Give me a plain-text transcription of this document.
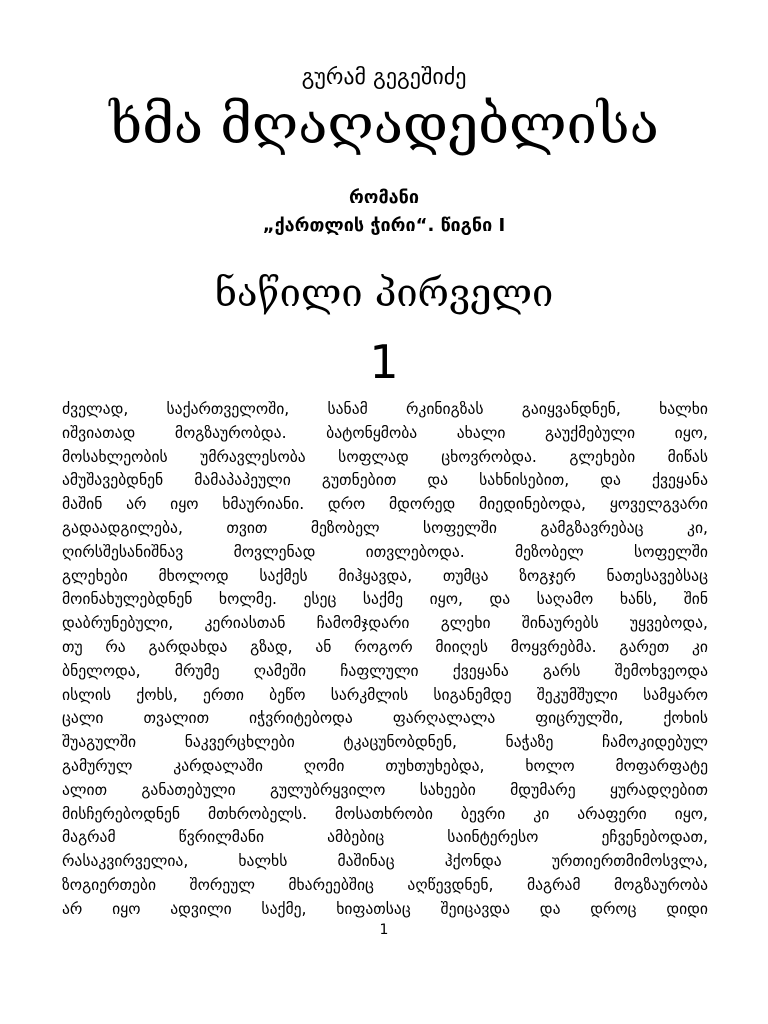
გურამ გეგეშიძე
ხმა მღაღადებლისა
რომანი
„ქართლის ჭირი“. წიგნი I
ნაწილი პირველი
1
ძველად, საქართველოში, სანამ რკინიგზას გაიყვანდნენ, ხალხი
იშვიათად მოგზაურობდა. ბატონყმობა ახალი გაუქმებული იყო,
მოსახლეობის უმრავლესობა სოფლად ცხოვრობდა. გლეხები მიწას
ამუშავებდნენ მამაპაპეული გუთნებით და სახნისებით, და ქვეყანა
მაშინ არ იყო ხმაურიანი. დრო მდორედ მიედინებოდა, ყოველგვარი
გადაადგილება, თვით მეზობელ სოფელში გამგზავრებაც კი,
ღირსშესანიშნავ მოვლენად ითვლებოდა. მეზობელ სოფელში
გლეხები მხოლოდ საქმეს მიჰყავდა, თუმცა ზოგჯერ ნათესავებსაც
მოინახულებდნენ ხოლმე. ესეც საქმე იყო, და საღამო ხანს, შინ
დაბრუნებული, კერიასთან ჩამომჯდარი გლეხი შინაურებს უყვებოდა,
თუ რა გარდახდა გზად, ან როგორ მიიღეს მოყვრებმა. გარეთ კი
ბნელოდა, მრუმე ღამეში ჩაფლული ქვეყანა გარს შემოხვეოდა
ისლის ქოხს, ერთი ბეწო სარკმლის სიგანემდე შეკუმშული სამყარო
ცალი თვალით იჭვრიტებოდა ფარღალალა ფიცრულში, ქოხის
შუაგულში ნაკვერცხლები ტკაცუნობდნენ, ნაჭაზე ჩამოკიდებულ
გამურულ კარდალაში ღომი თუხთუხებდა, ხოლო მოფარფატე
ალით განათებული გულუბრყვილო სახეები მდუმარე ყურადღებით
მისჩერებოდნენ მთხრობელს. მოსათხრობი ბევრი კი არაფერი იყო,
მაგრამ წვრილმანი ამბებიც საინტერესო ეჩვენებოდათ,
რასაკვირველია, ხალხს მაშინაც ჰქონდა ურთიერთმიმოსვლა,
ზოგიერთები შორეულ მხარეებშიც აღწევდნენ, მაგრამ მოგზაურობა
არ იყო ადვილი საქმე, ხიფათსაც შეიცავდა და დროც დიდი
1
